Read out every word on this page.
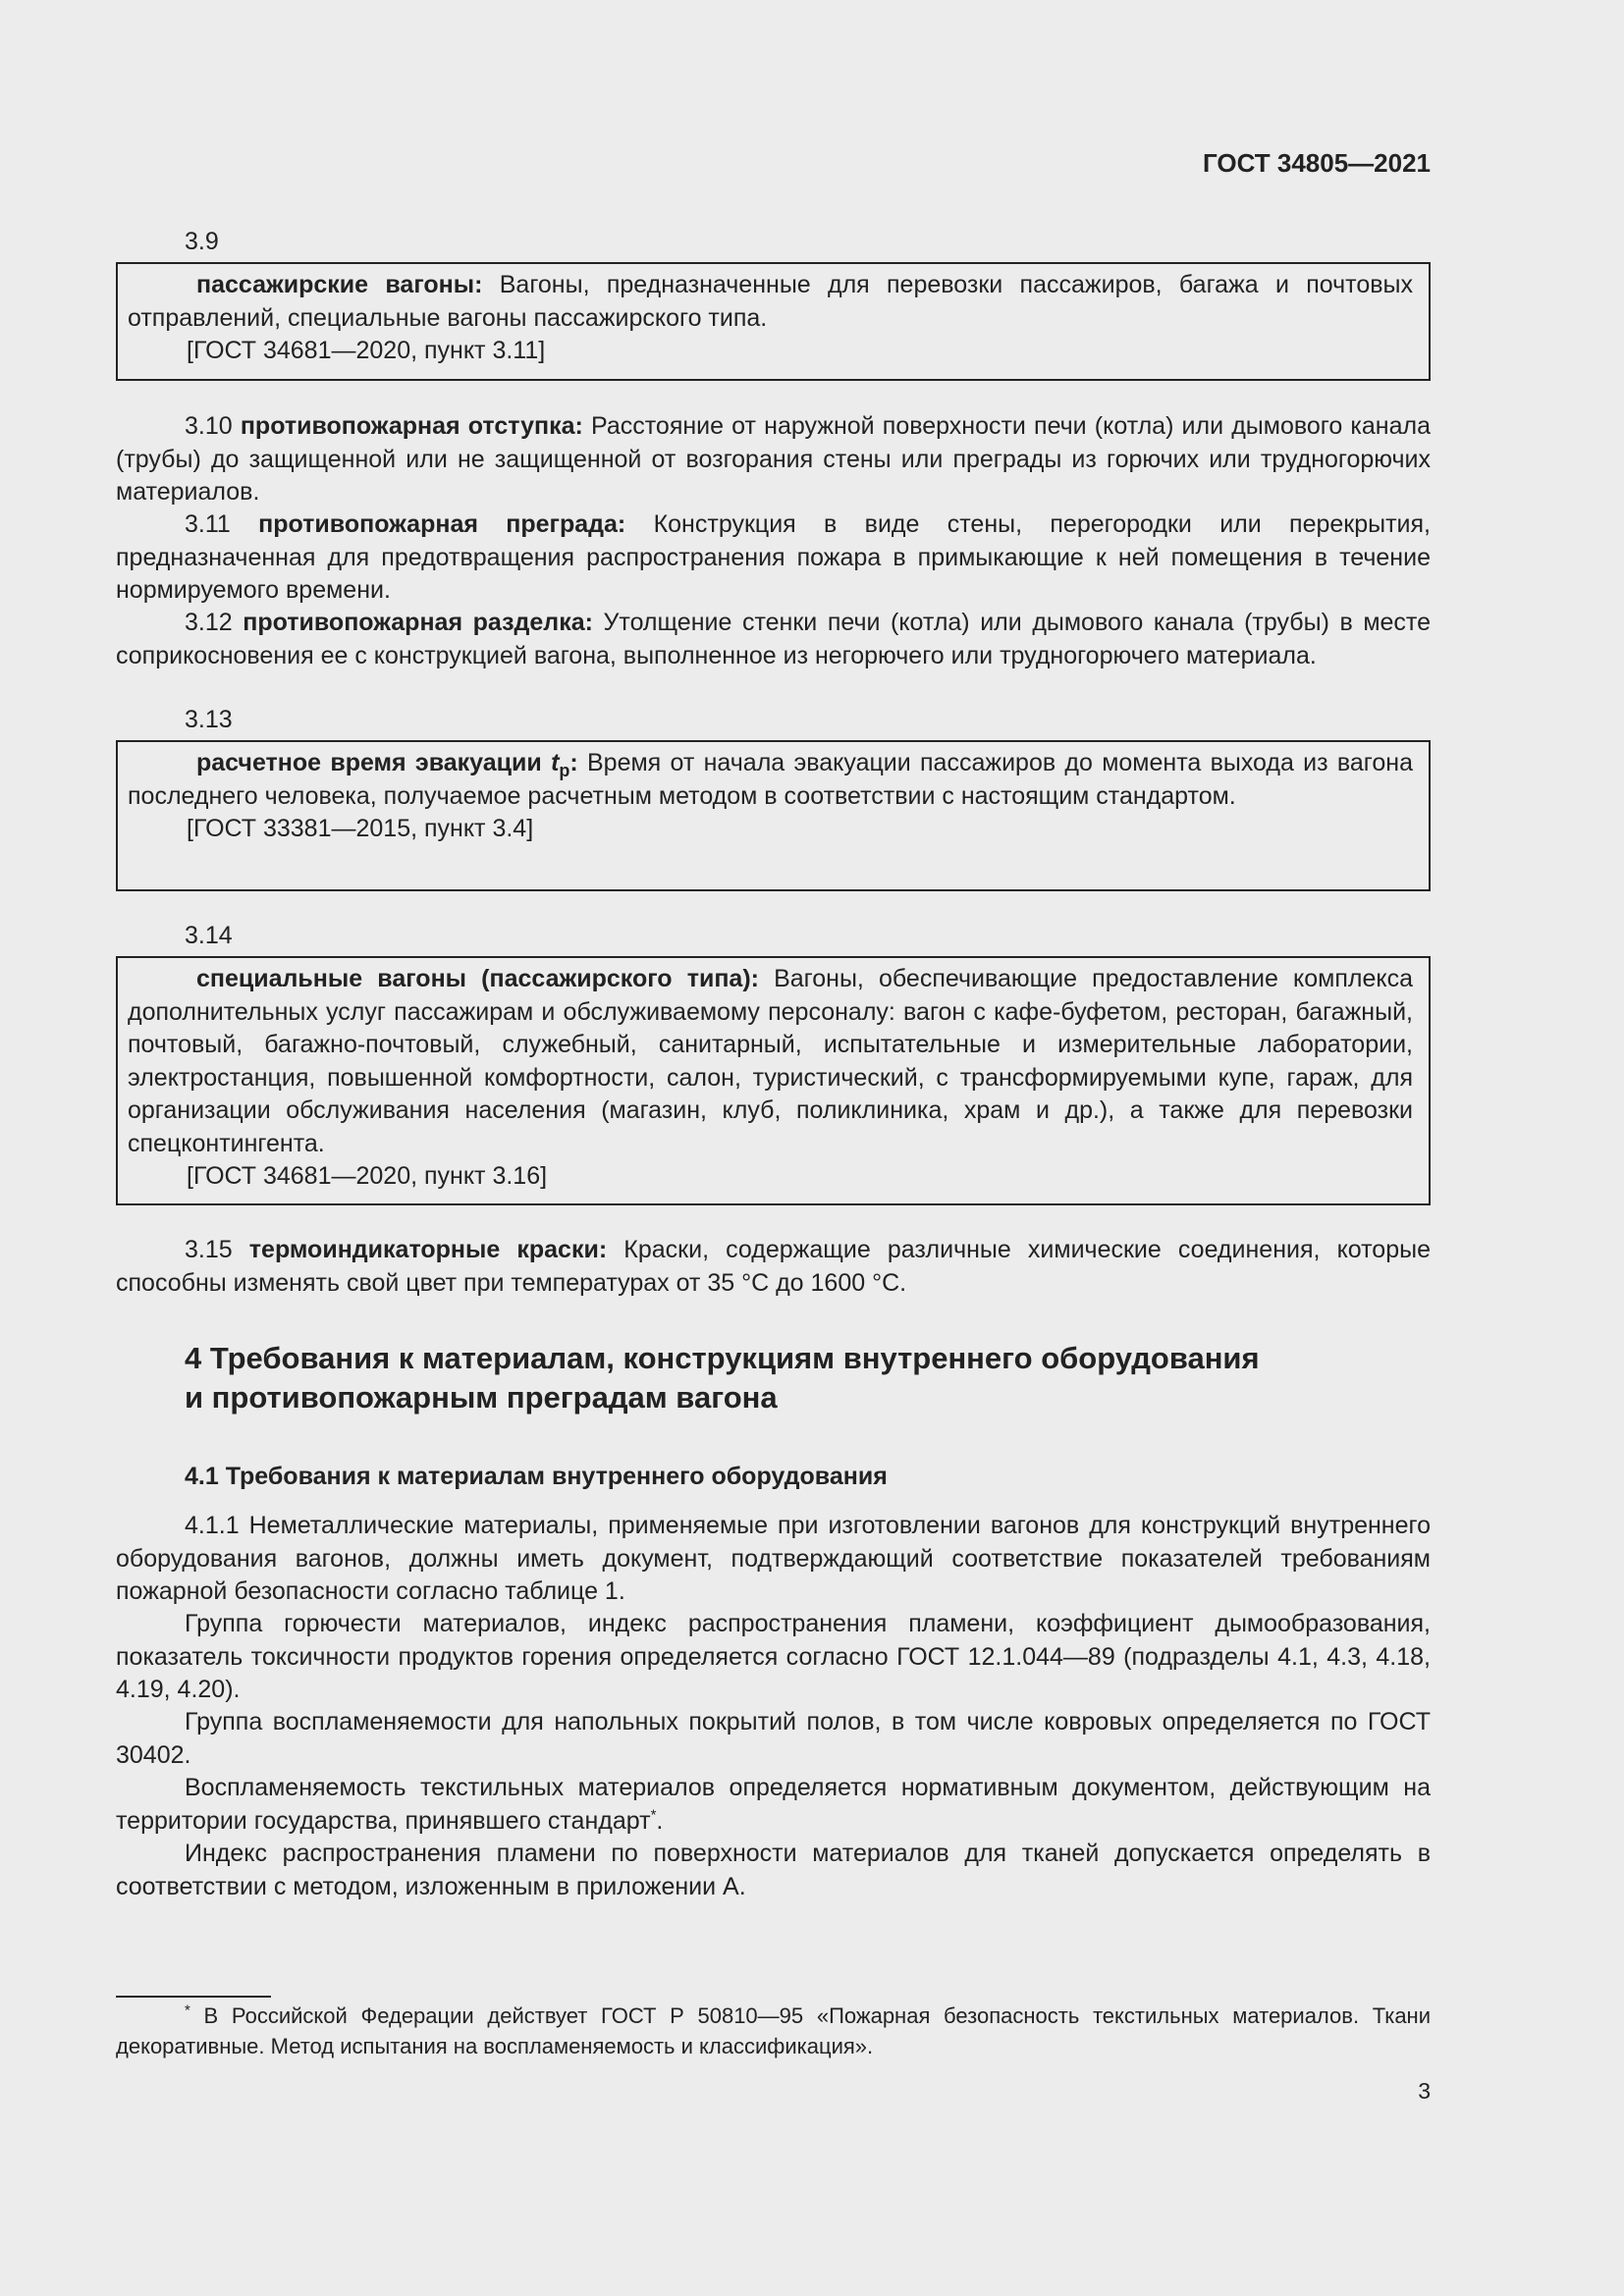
ГОСТ 34805—2021
3.9
пассажирские вагоны: Вагоны, предназначенные для перевозки пассажиров, багажа и почтовых отправлений, специальные вагоны пассажирского типа.
[ГОСТ 34681—2020, пункт 3.11]
3.10 противопожарная отступка: Расстояние от наружной поверхности печи (котла) или дымового канала (трубы) до защищенной или не защищенной от возгорания стены или преграды из горючих или трудногорючих материалов.
3.11 противопожарная преграда: Конструкция в виде стены, перегородки или перекрытия, предназначенная для предотвращения распространения пожара в примыкающие к ней помещения в течение нормируемого времени.
3.12 противопожарная разделка: Утолщение стенки печи (котла) или дымового канала (трубы) в месте соприкосновения ее с конструкцией вагона, выполненное из негорючего или трудногорючего материала.
3.13
расчетное время эвакуации $t_р$: Время от начала эвакуации пассажиров до момента выхода из вагона последнего человека, получаемое расчетным методом в соответствии с настоящим стандартом.
[ГОСТ 33381—2015, пункт 3.4]
3.14
специальные вагоны (пассажирского типа): Вагоны, обеспечивающие предоставление комплекса дополнительных услуг пассажирам и обслуживаемому персоналу: вагон с кафе-буфетом, ресторан, багажный, почтовый, багажно-почтовый, служебный, санитарный, испытательные и измерительные лаборатории, электростанция, повышенной комфортности, салон, туристический, с трансформируемыми купе, гараж, для организации обслуживания населения (магазин, клуб, поликлиника, храм и др.), а также для перевозки спецконтингента.
[ГОСТ 34681—2020, пункт 3.16]
3.15 термоиндикаторные краски: Краски, содержащие различные химические соединения, которые способны изменять свой цвет при температурах от 35 °С до 1600 °С.
4 Требования к материалам, конструкциям внутреннего оборудования
и противопожарным преградам вагона
4.1 Требования к материалам внутреннего оборудования
4.1.1 Неметаллические материалы, применяемые при изготовлении вагонов для конструкций внутреннего оборудования вагонов, должны иметь документ, подтверждающий соответствие показателей требованиям пожарной безопасности согласно таблице 1.
Группа горючести материалов, индекс распространения пламени, коэффициент дымообразования, показатель токсичности продуктов горения определяется согласно ГОСТ 12.1.044—89 (подразделы 4.1, 4.3, 4.18, 4.19, 4.20).
Группа воспламеняемости для напольных покрытий полов, в том числе ковровых определяется по ГОСТ 30402.
Воспламеняемость текстильных материалов определяется нормативным документом, действующим на территории государства, принявшего стандарт*.
Индекс распространения пламени по поверхности материалов для тканей допускается определять в соответствии с методом, изложенным в приложении А.
* В Российской Федерации действует ГОСТ Р 50810—95 «Пожарная безопасность текстильных материалов. Ткани декоративные. Метод испытания на воспламеняемость и классификация».
3
